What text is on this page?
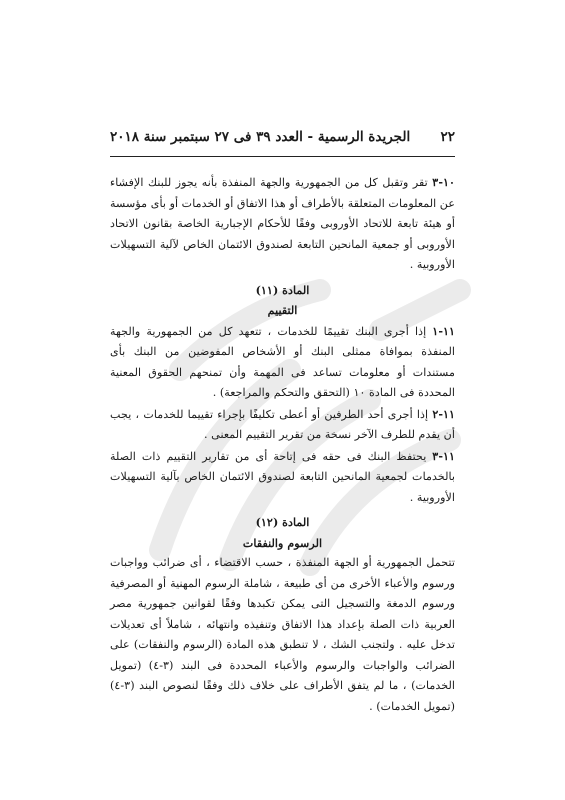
٢٢
الجريدة الرسمية - العدد ٣٩ فى ٢٧ سبتمبر سنة ٢٠١٨

١٠-٣ تقر وتقبل كل من الجمهورية والجهة المنفذة بأنه يجوز للبنك الإفشاء عن المعلومات المتعلقة بالأطراف أو هذا الاتفاق أو الخدمات أو بأى مؤسسة أو هيئة تابعة للاتحاد الأوروبى وفقًا للأحكام الإجبارية الخاصة بقانون الاتحاد الأوروبى أو جمعية المانحين التابعة لصندوق الائتمان الخاص لآلية التسهيلات الأوروبية .

المادة (١١)

التقييم

١١-١ إذا أجرى البنك تقييمًا للخدمات ، تتعهد كل من الجمهورية والجهة المنفذة بموافاة ممثلى البنك أو الأشخاص المفوضين من البنك بأى مستندات أو معلومات تساعد فى المهمة وأن تمنحهم الحقوق المعنية المحددة فى المادة ١٠ (التحقق والتحكم والمراجعة) .

١١-٢ إذا أجرى أحد الطرفين أو أعطى تكليفًا بإجراء تقييما للخدمات ، يجب أن يقدم للطرف الآخر نسخة من تقرير التقييم المعنى .

١١-٣ يحتفظ البنك فى حقه فى إتاحة أى من تقارير التقييم ذات الصلة بالخدمات لجمعية المانحين التابعة لصندوق الائتمان الخاص بآلية التسهيلات الأوروبية .

المادة (١٢)

الرسوم والنفقات

تتحمل الجمهورية أو الجهة المنفذة ، حسب الاقتضاء ، أى ضرائب وواجبات ورسوم والأعباء الأخرى من أى طبيعة ، شاملة الرسوم المهنية أو المصرفية ورسوم الدمغة والتسجيل التى يمكن تكبدها وفقًا لقوانين جمهورية مصر العربية ذات الصلة بإعداد هذا الاتفاق وتنفيذه وانتهائه ، شاملاً أى تعديلات تدخل عليه . ولتجنب الشك ، لا تنطبق هذه المادة (الرسوم والنفقات) على الضرائب والواجبات والرسوم والأعباء المحددة فى البند (٣-٤) (تمويل الخدمات) ، ما لم يتفق الأطراف على خلاف ذلك وفقًا لنصوص البند (٣-٤) (تمويل الخدمات) .
